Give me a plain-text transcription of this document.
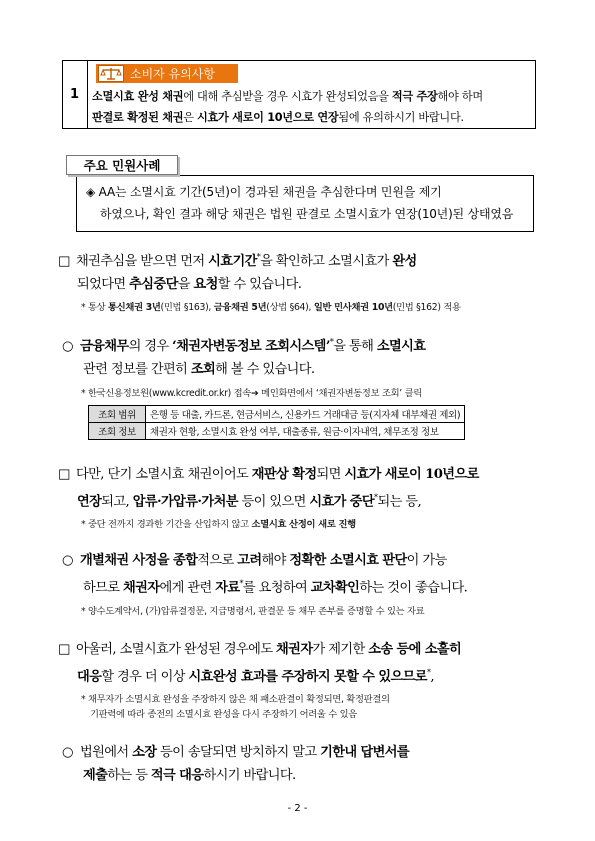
1
소비자 유의사항
소멸시효 완성 채권에 대해 추심받을 경우 시효가 완성되었음을 적극 주장해야 하며
판결로 확정된 채권은 시효가 새로이 10년으로 연장됨에 유의하시기 바랍니다.
주요 민원사례
◈ AA는 소멸시효 기간(5년)이 경과된 채권을 추심한다며 민원을 제기
하였으나, 확인 결과 해당 채권은 법원 판결로 소멸시효가 연장(10년)된 상태였음
□ 채권추심을 받으면 먼저 시효기간*을 확인하고 소멸시효가 완성
되었다면 추심중단을 요청할 수 있습니다.
* 통상 통신채권 3년(민법 §163), 금융채권 5년(상법 §64), 일반 민사채권 10년(민법 §162) 적용
○ 금융채무의 경우 ‘채권자변동정보 조회시스템’*을 통해 소멸시효
관련 정보를 간편히 조회해 볼 수 있습니다.
* 한국신용정보원(www.kcredit.or.kr) 접속➔ 메인화면에서 ‘채권자변동정보 조회’ 클릭
조회 범위	은행 등 대출, 카드론, 현금서비스, 신용카드 거래대금 등(지자체 대부채권 제외)
조회 정보	채권자 현황, 소멸시효 완성 여부, 대출종류, 원금·이자내역, 채무조정 정보
□ 다만, 단기 소멸시효 채권이어도 재판상 확정되면 시효가 새로이 10년으로
연장되고, 압류·가압류·가처분 등이 있으면 시효가 중단*되는 등,
* 중단 전까지 경과한 기간을 산입하지 않고 소멸시효 산정이 새로 진행
○ 개별채권 사정을 종합적으로 고려해야 정확한 소멸시효 판단이 가능
하므로 채권자에게 관련 자료*를 요청하여 교차확인하는 것이 좋습니다.
* 양수도계약서, (가)압류결정문, 지급명령서, 판결문 등 채무 존부를 증명할 수 있는 자료
□ 아울러, 소멸시효가 완성된 경우에도 채권자가 제기한 소송 등에 소홀히
대응할 경우 더 이상 시효완성 효과를 주장하지 못할 수 있으므로*,
* 채무자가 소멸시효 완성을 주장하지 않은 채 패소판결이 확정되면, 확정판결의
기판력에 따라 종전의 소멸시효 완성을 다시 주장하기 어려울 수 있음
○ 법원에서 소장 등이 송달되면 방치하지 말고 기한내 답변서를
제출하는 등 적극 대응하시기 바랍니다.
- 2 -
